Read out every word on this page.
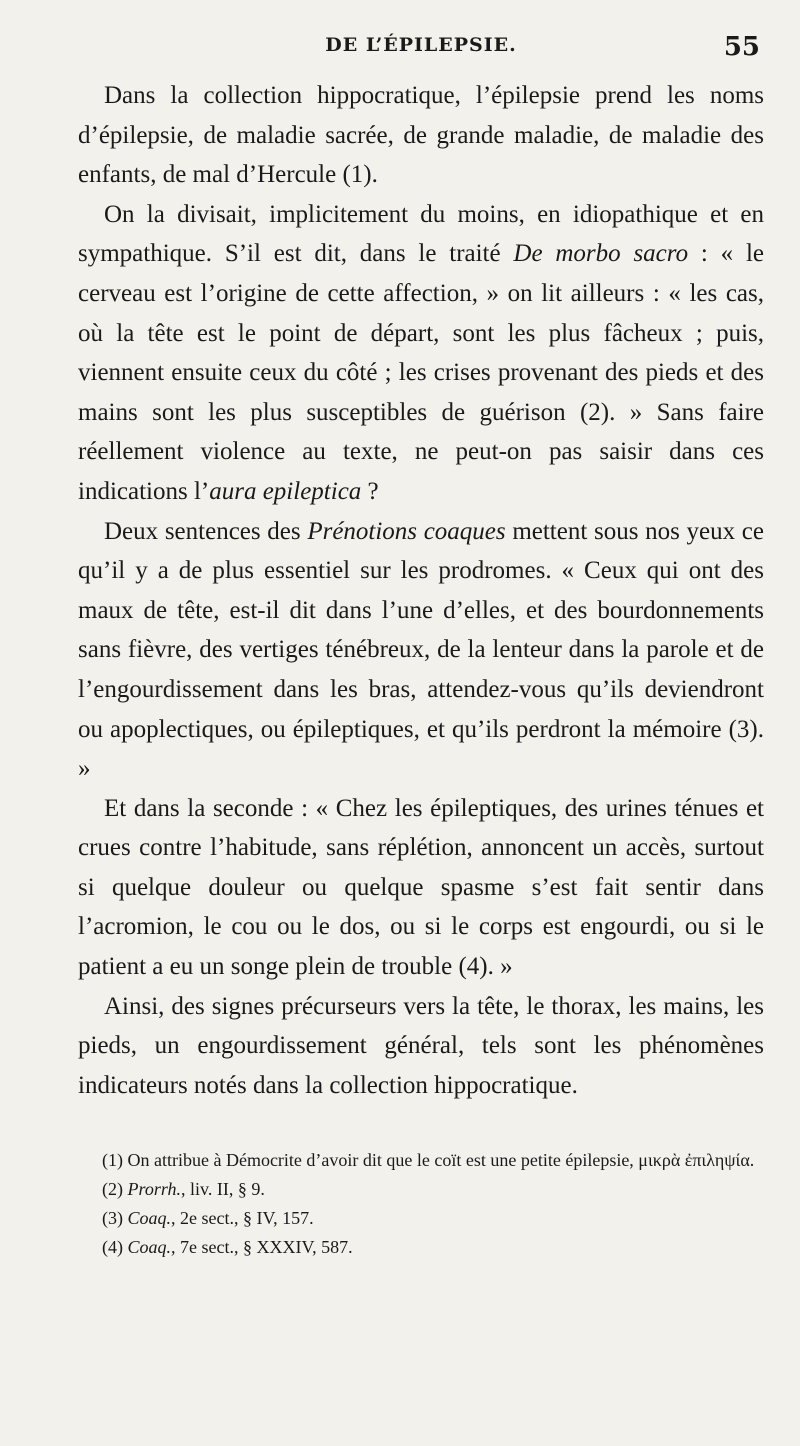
DE L’ÉPILEPSIE.	55

Dans la collection hippocratique, l’épilepsie prend les noms d’épilepsie, de maladie sacrée, de grande maladie, de maladie des enfants, de mal d’Hercule (1).

On la divisait, implicitement du moins, en idiopathique et en sympathique. S’il est dit, dans le traité De morbo sacro : « le cerveau est l’origine de cette affection, » on lit ailleurs : « les cas, où la tête est le point de départ, sont les plus fâcheux ; puis, viennent ensuite ceux du côté ; les crises provenant des pieds et des mains sont les plus susceptibles de guérison (2). » Sans faire réellement violence au texte, ne peut-on pas saisir dans ces indications l’aura epileptica ?

Deux sentences des Prénotions coaques mettent sous nos yeux ce qu’il y a de plus essentiel sur les prodromes. « Ceux qui ont des maux de tête, est-il dit dans l’une d’elles, et des bourdonnements sans fièvre, des vertiges ténébreux, de la lenteur dans la parole et de l’engourdissement dans les bras, attendez-vous qu’ils deviendront ou apoplectiques, ou épileptiques, et qu’ils perdront la mémoire (3). »

Et dans la seconde : « Chez les épileptiques, des urines ténues et crues contre l’habitude, sans réplétion, annoncent un accès, surtout si quelque douleur ou quelque spasme s’est fait sentir dans l’acromion, le cou ou le dos, ou si le corps est engourdi, ou si le patient a eu un songe plein de trouble (4). »

Ainsi, des signes précurseurs vers la tête, le thorax, les mains, les pieds, un engourdissement général, tels sont les phénomènes indicateurs notés dans la collection hippocratique.

(1) On attribue à Démocrite d’avoir dit que le coït est une petite épilepsie, μικρὰ ἐπιληψία.

(2) Prorrh., liv. II, § 9.

(3) Coaq., 2e sect., § IV, 157.

(4) Coaq., 7e sect., § XXXIV, 587.
